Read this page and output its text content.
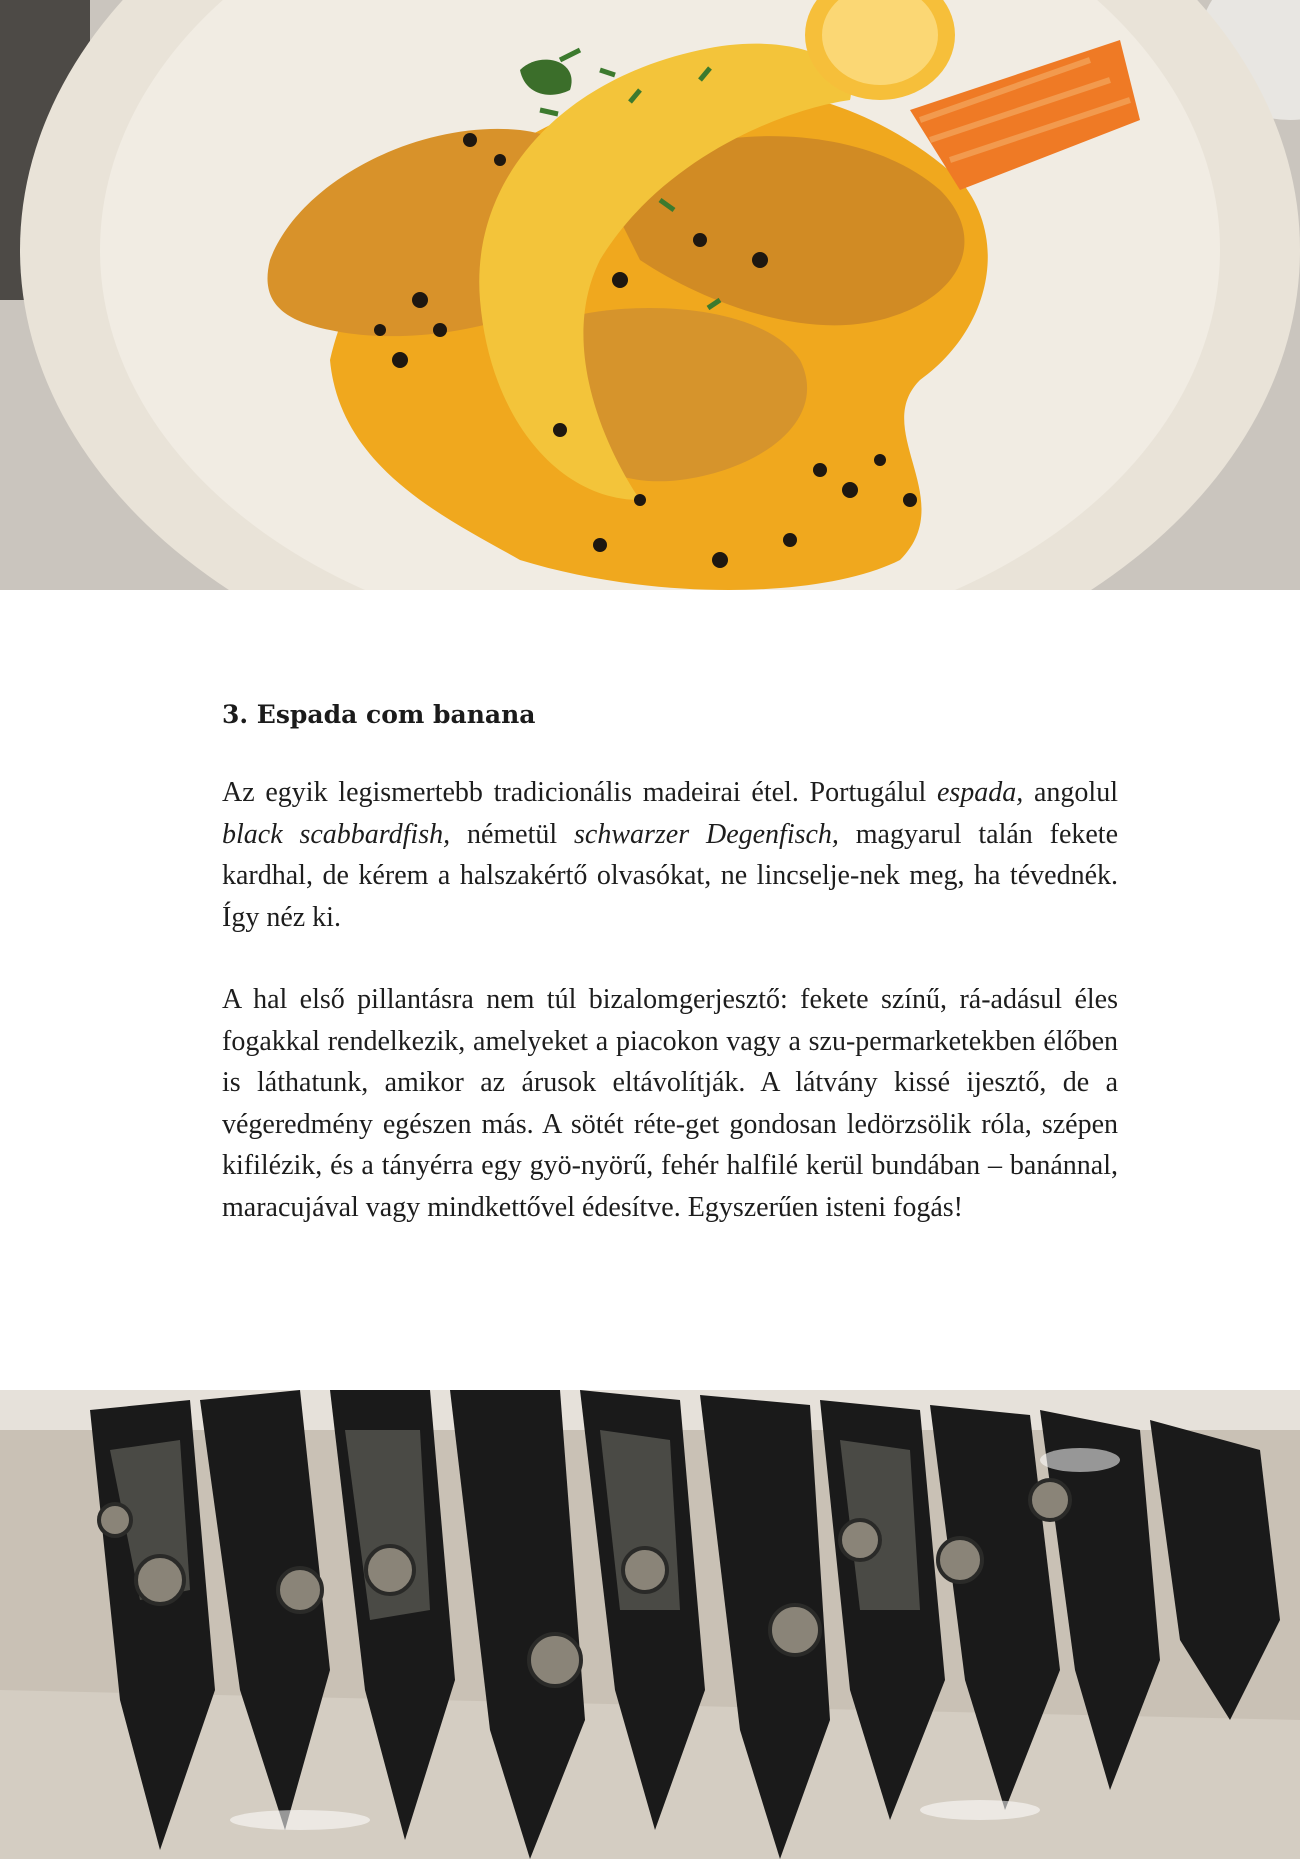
3. Espada com banana

Az egyik legismertebb tradicionális madeirai étel. Portugálul espada, angolul black scabbardfish, németül schwarzer Degenfisch, magyarul talán fekete kardhal, de kérem a halszakértő olvasókat, ne lincselje-nek meg, ha tévednék. Így néz ki.

A hal első pillantásra nem túl bizalomgerjesztő: fekete színű, rá-adásul éles fogakkal rendelkezik, amelyeket a piacokon vagy a szu-permarketekben élőben is láthatunk, amikor az árusok eltávolítják. A látvány kissé ijesztő, de a végeredmény egészen más. A sötét réte-get gondosan ledörzsölik róla, szépen kifilézik, és a tányérra egy gyö-nyörű, fehér halfilé kerül bundában – banánnal, maracujával vagy mindkettővel édesítve. Egyszerűen isteni fogás!
